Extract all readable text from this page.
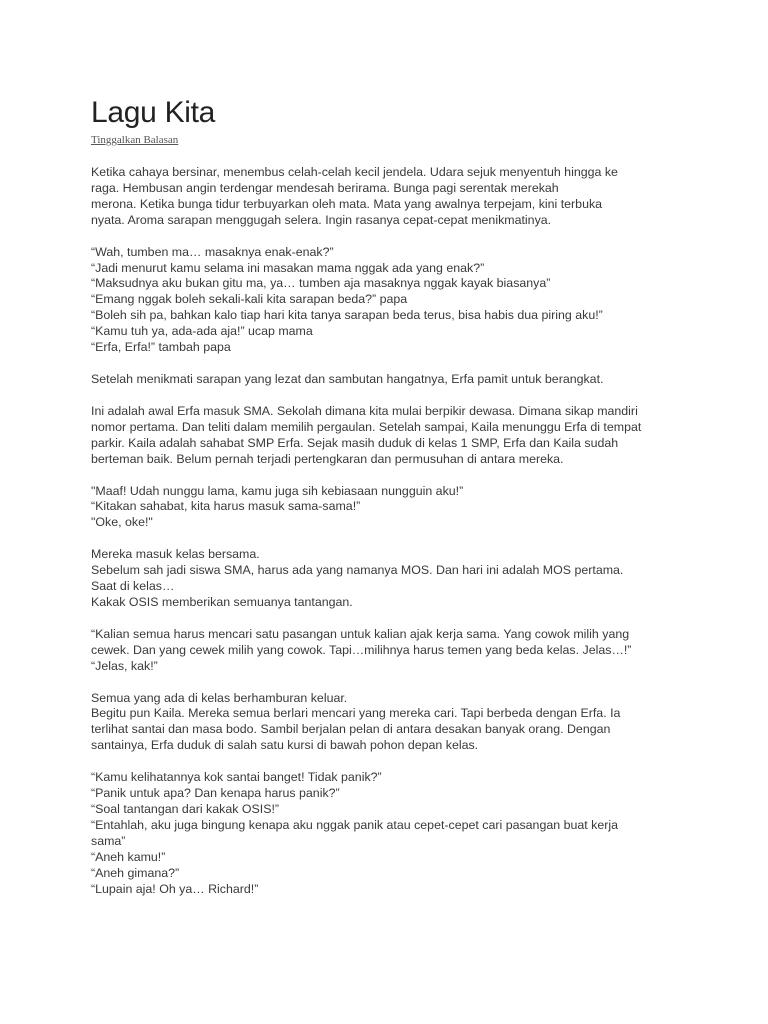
Lagu Kita
Tinggalkan Balasan

Ketika cahaya bersinar, menembus celah-celah kecil jendela. Udara sejuk menyentuh hingga ke
raga. Hembusan angin terdengar mendesah berirama. Bunga pagi serentak merekah
merona. Ketika bunga tidur terbuyarkan oleh mata. Mata yang awalnya terpejam, kini terbuka
nyata. Aroma sarapan menggugah selera. Ingin rasanya cepat-cepat menikmatinya.

“Wah, tumben ma… masaknya enak-enak?”
“Jadi menurut kamu selama ini masakan mama nggak ada yang enak?”
“Maksudnya aku bukan gitu ma, ya… tumben aja masaknya nggak kayak biasanya”
“Emang nggak boleh sekali-kali kita sarapan beda?” papa
“Boleh sih pa, bahkan kalo tiap hari kita tanya sarapan beda terus, bisa habis dua piring aku!”
“Kamu tuh ya, ada-ada aja!” ucap mama
“Erfa, Erfa!” tambah papa

Setelah menikmati sarapan yang lezat dan sambutan hangatnya, Erfa pamit untuk berangkat.

Ini adalah awal Erfa masuk SMA. Sekolah dimana kita mulai berpikir dewasa. Dimana sikap mandiri
nomor pertama. Dan teliti dalam memilih pergaulan. Setelah sampai, Kaila menunggu Erfa di tempat
parkir. Kaila adalah sahabat SMP Erfa. Sejak masih duduk di kelas 1 SMP, Erfa dan Kaila sudah
berteman baik. Belum pernah terjadi pertengkaran dan permusuhan di antara mereka.

"Maaf! Udah nunggu lama, kamu juga sih kebiasaan nungguin aku!”
“Kitakan sahabat, kita harus masuk sama-sama!”
"Oke, oke!"

Mereka masuk kelas bersama.
Sebelum sah jadi siswa SMA, harus ada yang namanya MOS. Dan hari ini adalah MOS pertama.
Saat di kelas…
Kakak OSIS memberikan semuanya tantangan.

“Kalian semua harus mencari satu pasangan untuk kalian ajak kerja sama. Yang cowok milih yang
cewek. Dan yang cewek milih yang cowok. Tapi…milihnya harus temen yang beda kelas. Jelas…!”
“Jelas, kak!”

Semua yang ada di kelas berhamburan keluar.
Begitu pun Kaila. Mereka semua berlari mencari yang mereka cari. Tapi berbeda dengan Erfa. Ia
terlihat santai dan masa bodo. Sambil berjalan pelan di antara desakan banyak orang. Dengan
santainya, Erfa duduk di salah satu kursi di bawah pohon depan kelas.

“Kamu kelihatannya kok santai banget! Tidak panik?”
“Panik untuk apa? Dan kenapa harus panik?”
“Soal tantangan dari kakak OSIS!”
“Entahlah, aku juga bingung kenapa aku nggak panik atau cepet-cepet cari pasangan buat kerja
sama”
“Aneh kamu!”
“Aneh gimana?”
“Lupain aja! Oh ya… Richard!”
